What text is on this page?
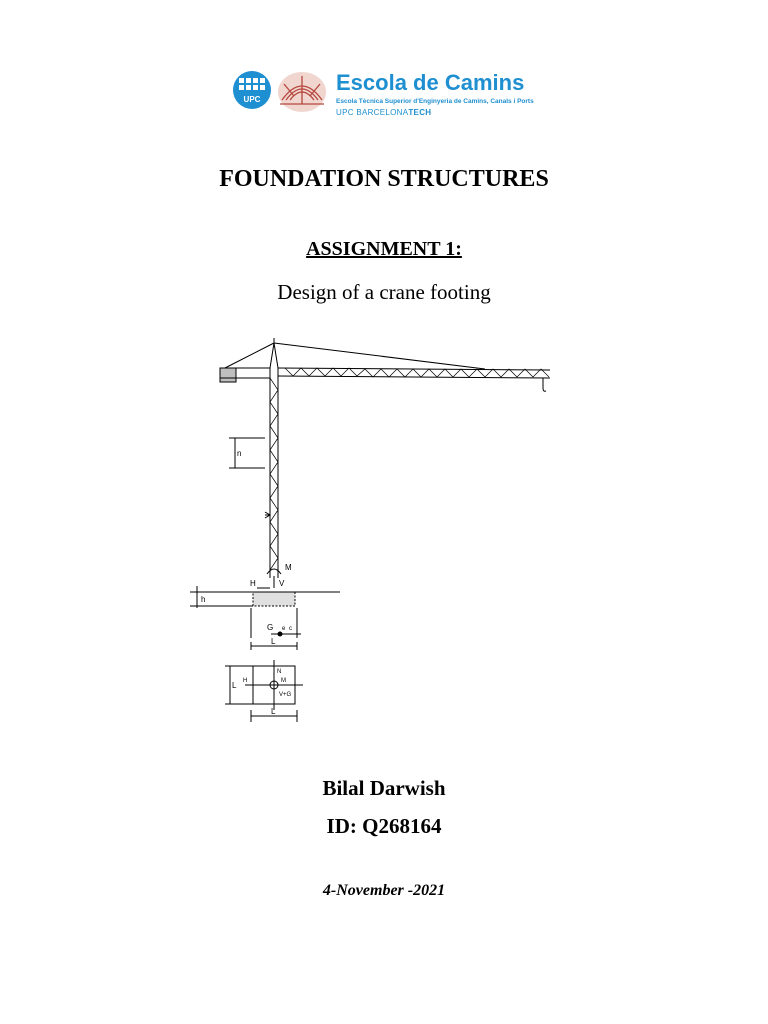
UPC
Escola de Camins
Escola Tècnica Superior d'Enginyeria de Camins, Canals i Ports
UPC BARCELONATECH
FOUNDATION STRUCTURES
ASSIGNMENT 1:
Design of a crane footing
M
H	V
h
n
G e c
L
N
M
H
V+G
L
L
Bilal Darwish
ID: Q268164
4-November -2021
